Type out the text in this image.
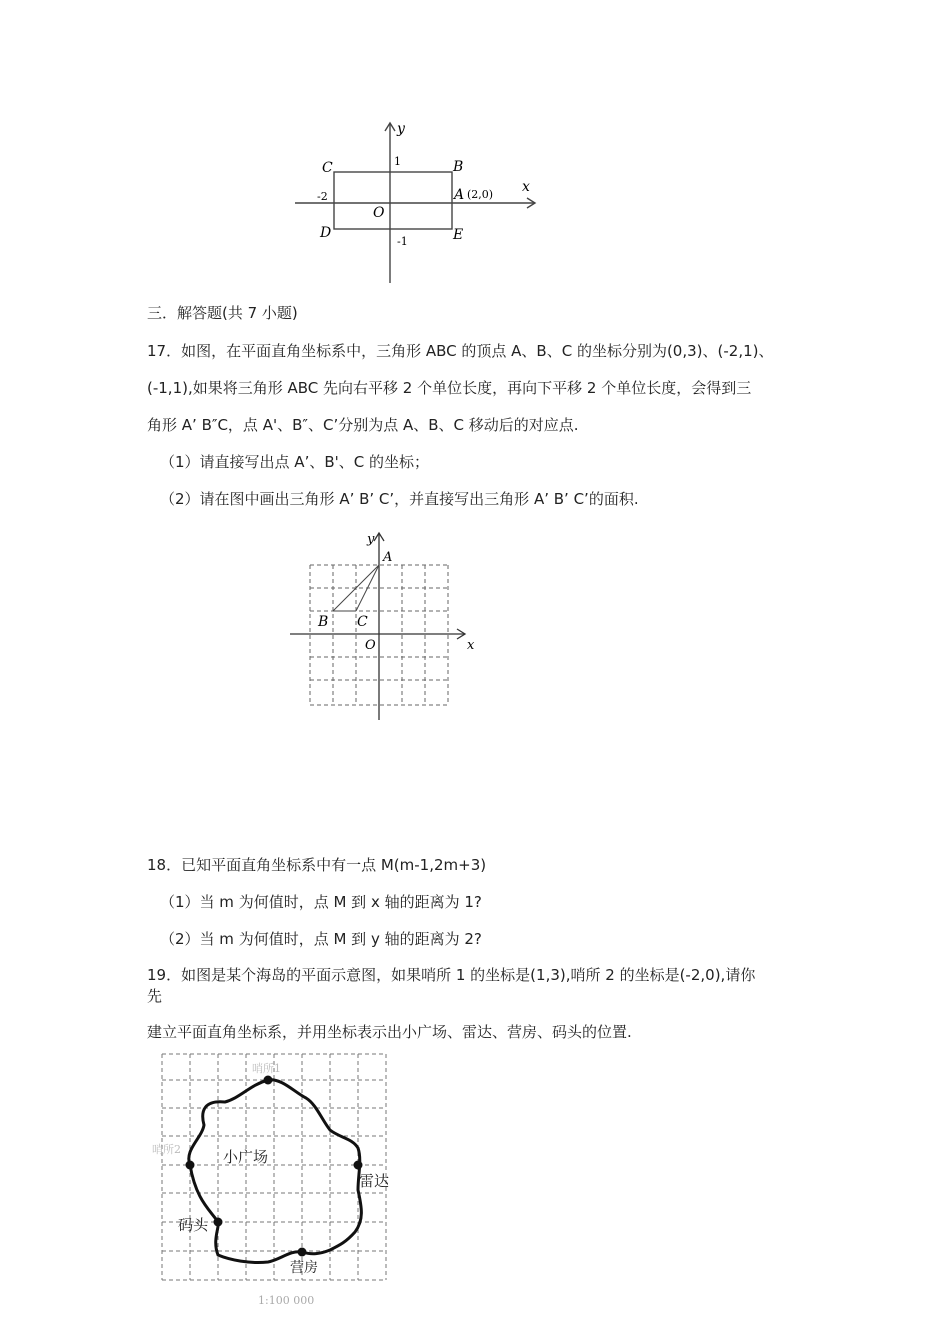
x
y
C	B
A (2,0)
D	E
O
1
-2
-1
三．解答题(共 7 小题)
17．如图，在平面直角坐标系中，三角形 ABC 的顶点 A、B、C 的坐标分别为(0,3)、(-2,1)、
(-1,1),如果将三角形 ABC 先向右平移 2 个单位长度，再向下平移 2 个单位长度，会得到三
角形 A’ B″C，点 A'、B″、C’分别为点 A、B、C 移动后的对应点.
（1）请直接写出点 A’、B'、C 的坐标；
（2）请在图中画出三角形 A’ B’ C’，并直接写出三角形 A’ B’ C’的面积.
y
x
A
B C
O
18．已知平面直角坐标系中有一点 M(m-1,2m+3)
（1）当 m 为何值时，点 M 到 x 轴的距离为 1?
（2）当 m 为何值时，点 M 到 y 轴的距离为 2?
19．如图是某个海岛的平面示意图，如果哨所 1 的坐标是(1,3),哨所 2 的坐标是(-2,0),请你
先
建立平面直角坐标系，并用坐标表示出小广场、雷达、营房、码头的位置.
哨所1
哨所2	小广场
雷达
码头
营房
1:100 000
